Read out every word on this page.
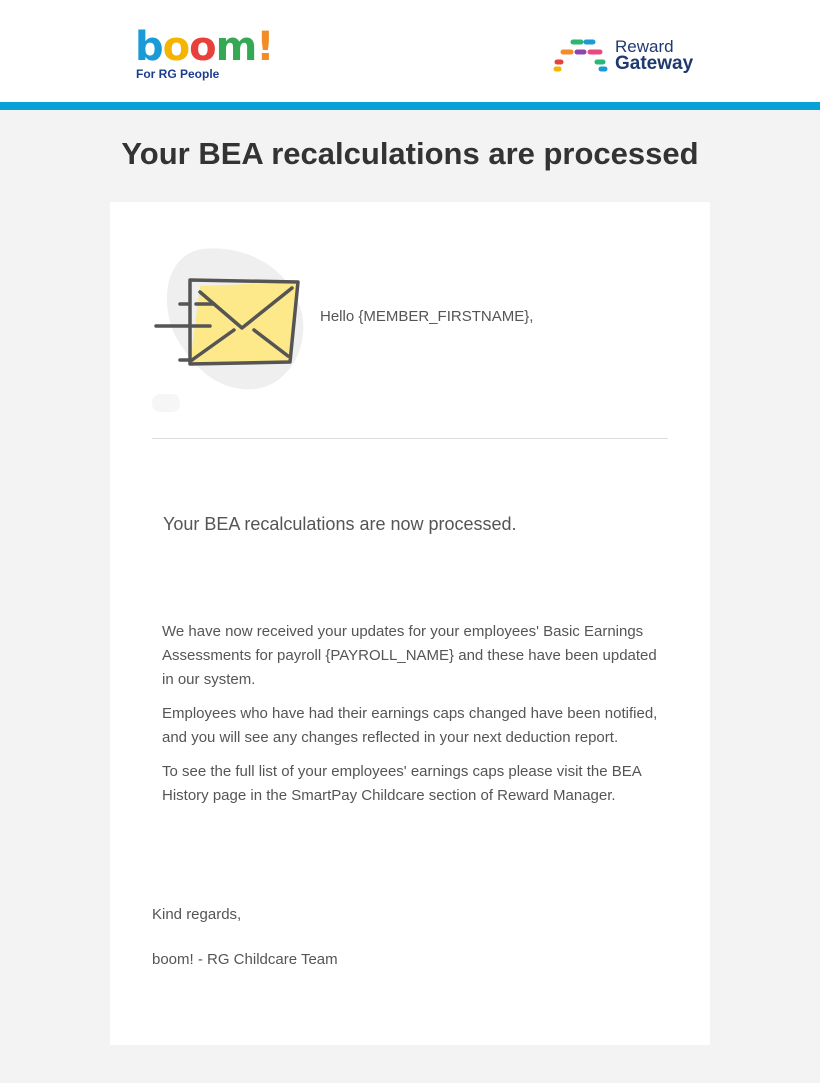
b o o m !
For RG People
Reward
Gateway
Your BEA recalculations are processed
Hello {MEMBER_FIRSTNAME},
Your BEA recalculations are now processed.

We have now received your updates for your employees' Basic Earnings Assessments for payroll {PAYROLL_NAME} and these have been updated in our system.

Employees who have had their earnings caps changed have been notified, and you will see any changes reflected in your next deduction report.

To see the full list of your employees' earnings caps please visit the BEA History page in the SmartPay Childcare section of Reward Manager.

Kind regards,
boom! - RG Childcare Team
